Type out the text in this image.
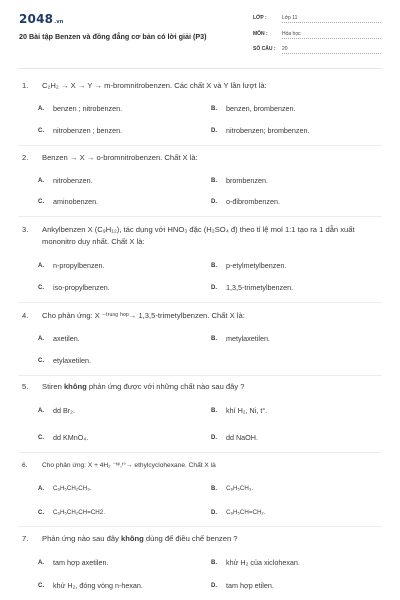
2048.vn
20 Bài tập Benzen và đồng đẳng cơ bản có lời giải (P3)
LỚP :	Lớp 11
MÔN :	Hóa học
SỐ CÂU : 20
1. C₂H₂ → X → Y → m-bromnitrobenzen. Các chất X và Y lần lượt là:
A. benzen ; nitrobenzen.	B. benzen, brombenzen.
C. nitrobenzen ; benzen.	D. nitrobenzen; brombenzen.
2. Benzen → X → o-bromnitrobenzen. Chất X là:
A. nitrobenzen.	B. brombenzen.
C. aminobenzen.	D. o-đibrombenzen.
3. Ankylbenzen X (C₉H₁₂), tác dụng với HNO₃ đặc (H₂SO₄ đ) theo tỉ lệ mol 1:1 tạo ra 1 dẫn xuất mononitro duy nhất. Chất X là:
A. n-propylbenzen.	B. p-etylmetylbenzen.
C. iso-propylbenzen.	D. 1,3,5-trimetylbenzen.
4. Cho phản ứng: X ⁻ᵗʳᵘⁿᵍ ʰᵒᵖ→ 1,3,5-trimetylbenzen. Chất X là:
A. axetilen.	B. metylaxetilen.
C. etylaxetilen.
5. Stiren không phản ứng được với những chất nào sau đây ?
A. dd Br₂.	B. khí H₂, Ni, t°.
C. dd KMnO₄.	D. dd NaOH.
6. Cho phản ứng: X + 4H₂ ⁻ᴺⁱ,ᵗ°→ ethylcyclohexane. Chất X là
A. C₆H₅CH₂CH₃.	B. C₆H₅CH₃.
C. C₆H₅CH₂CH=CH2.	D. C₆H₅CH=CH₂.
7. Phản ứng nào sau đây không dùng để điều chế benzen ?
A. tam hợp axetilen.	B. khử H₂ của xiclohexan.
C. khử H₂, đóng vòng n-hexan.	D. tam hợp etilen.
